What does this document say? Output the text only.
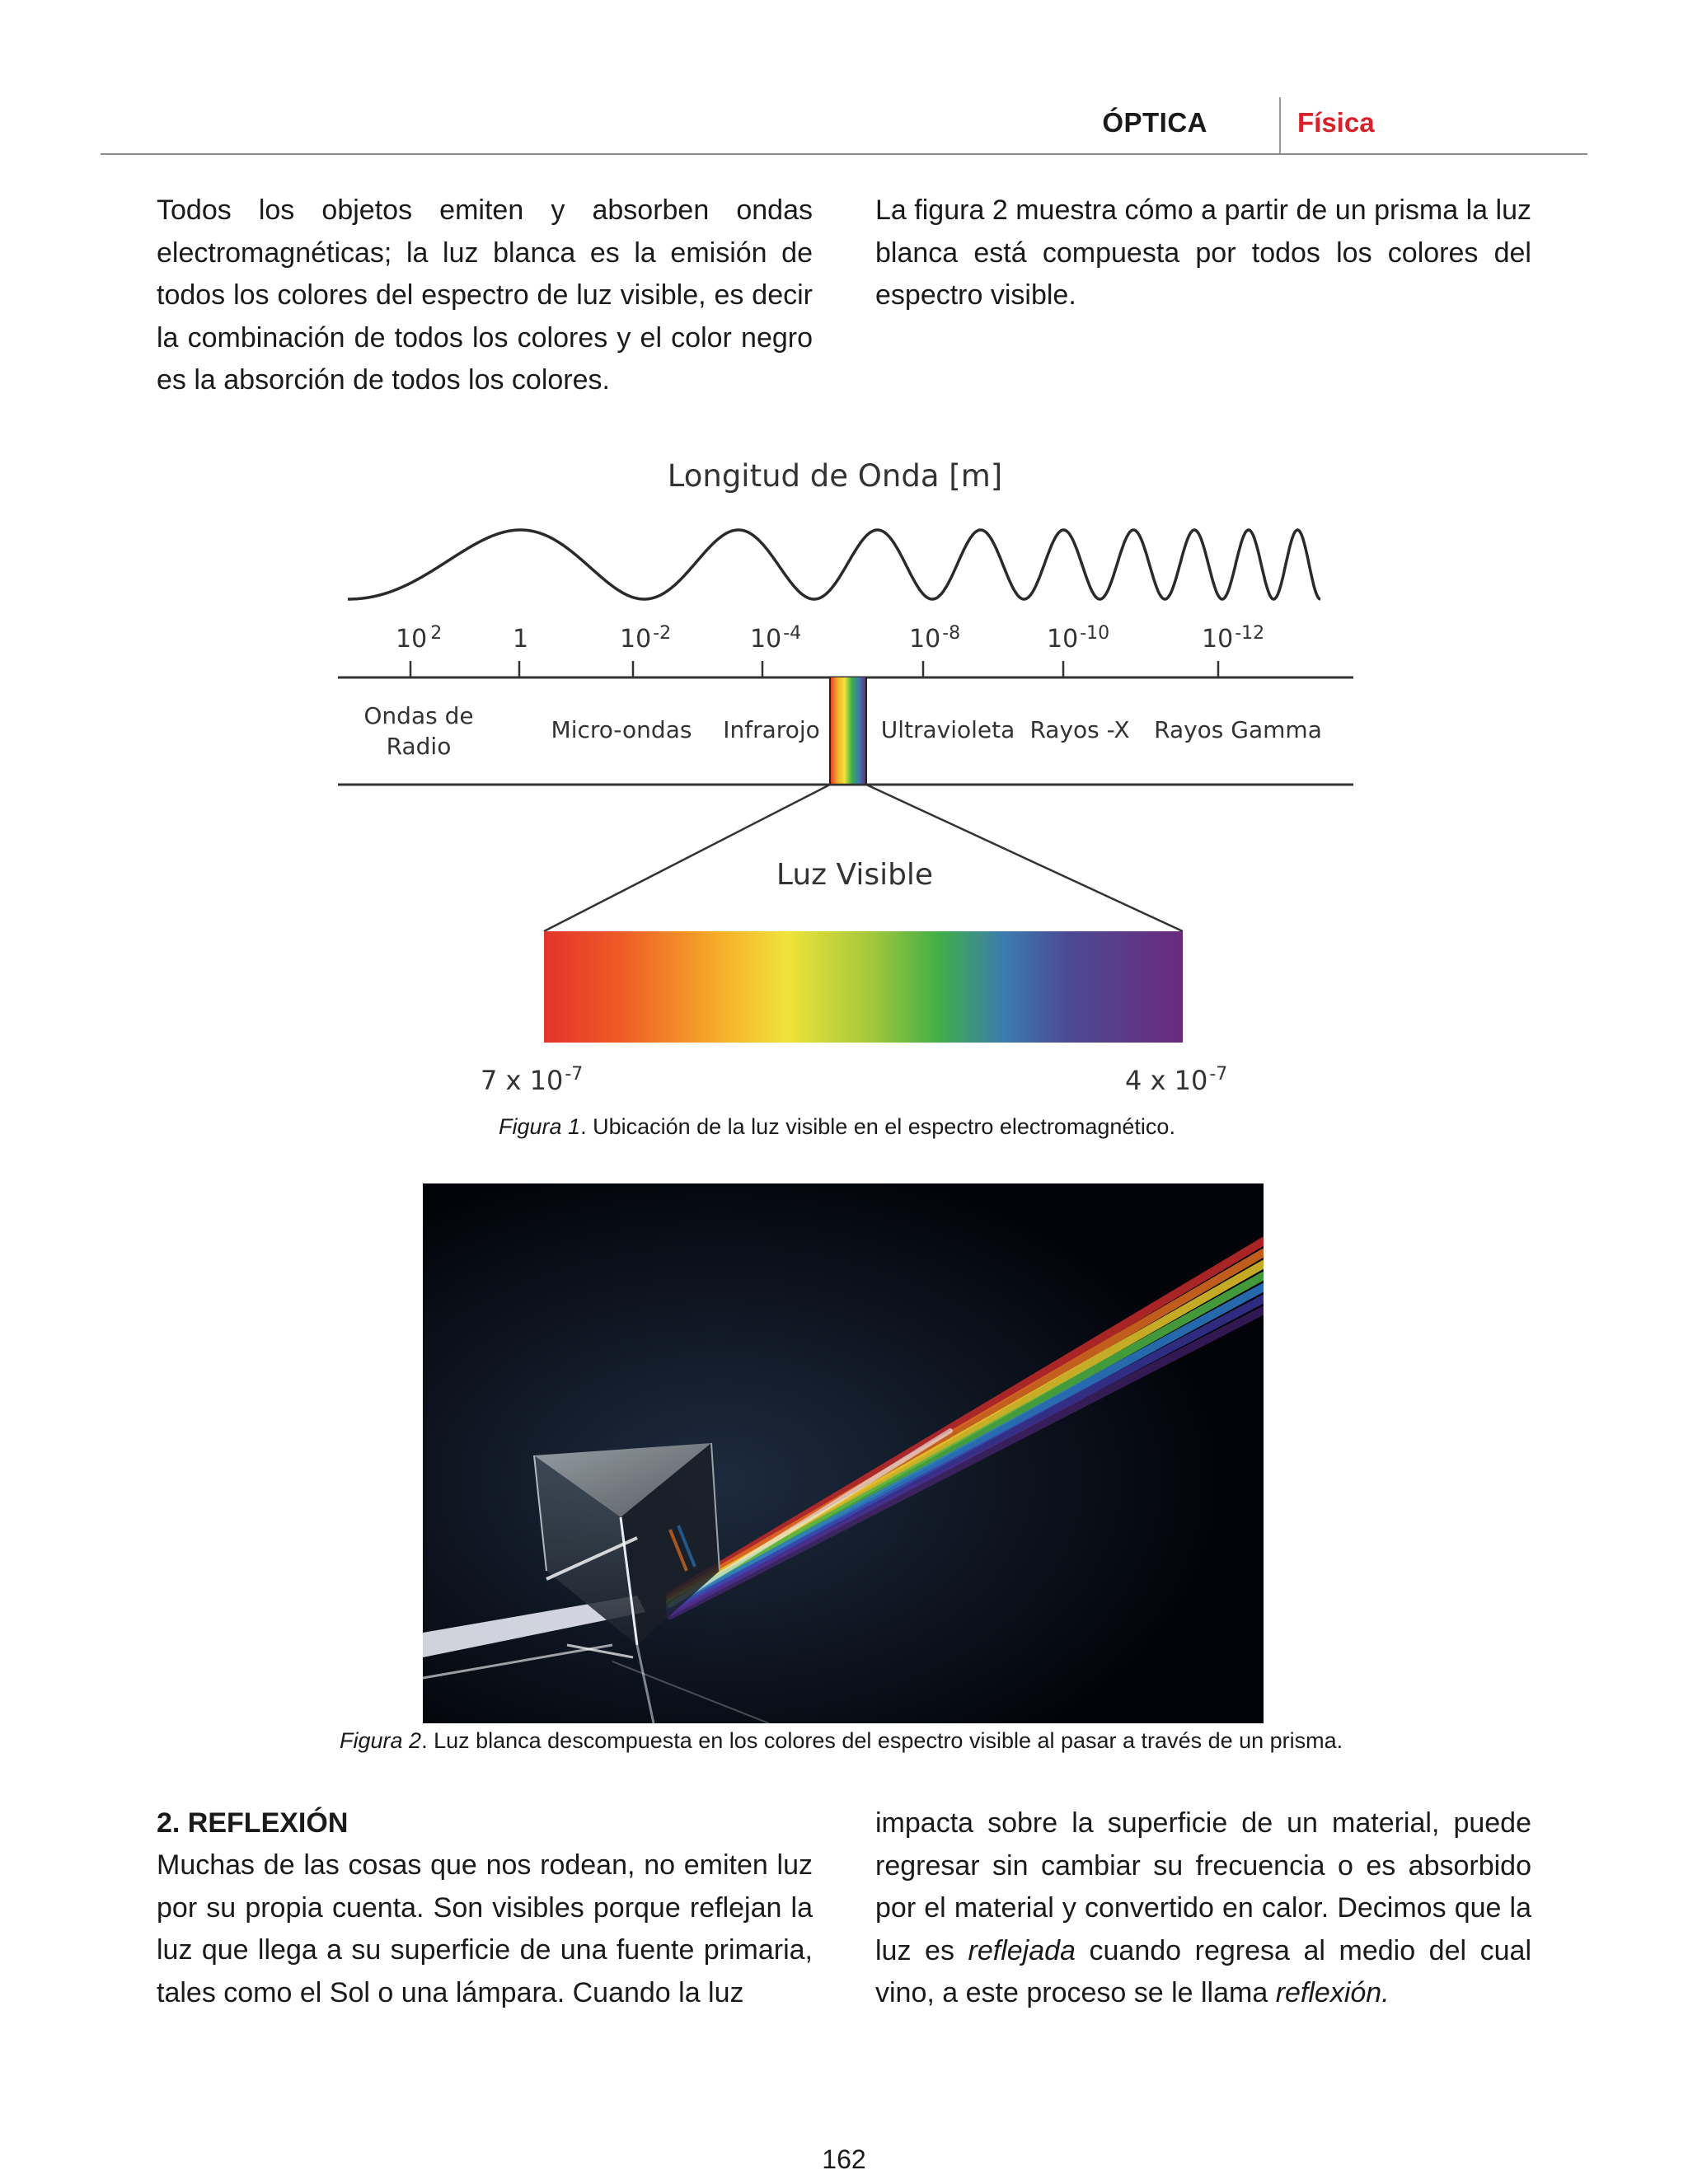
ÓPTICA	Física

Todos los objetos emiten y absorben ondas electromagnéticas; la luz blanca es la emisión de todos los colores del espectro de luz visible, es decir la combinación de todos los colores y el color negro es la absorción de todos los colores.

La figura 2 muestra cómo a partir de un prisma la luz blanca está compuesta por todos los colores del espectro visible.

Longitud de Onda [m]
10 $^2$	1	$10^{-2}$	$10^{-4}$	$10^{-8}$	$10^{-10}$	$10^{-12}$
Ondas de
Radio
Micro-ondas Infrarojo	Ultravioleta Rayos -X Rayos Gamma
Luz Visible
7 x $10^{-7}$	4 x $10^{-7}$
Figura 1. Ubicación de la luz visible en el espectro electromagnético.
Figura 2. Luz blanca descompuesta en los colores del espectro visible al pasar a través de un prisma.
2. REFLEXIÓN

Muchas de las cosas que nos rodean, no emiten luz por su propia cuenta. Son visibles porque reflejan la luz que llega a su superficie de una fuente primaria, tales como el Sol o una lámpara. Cuando la luz

impacta sobre la superficie de un material, puede regresar sin cambiar su frecuencia o es absorbido por el material y convertido en calor. Decimos que la luz es reflejada cuando regresa al medio del cual vino, a este proceso se le llama reflexión.

162
